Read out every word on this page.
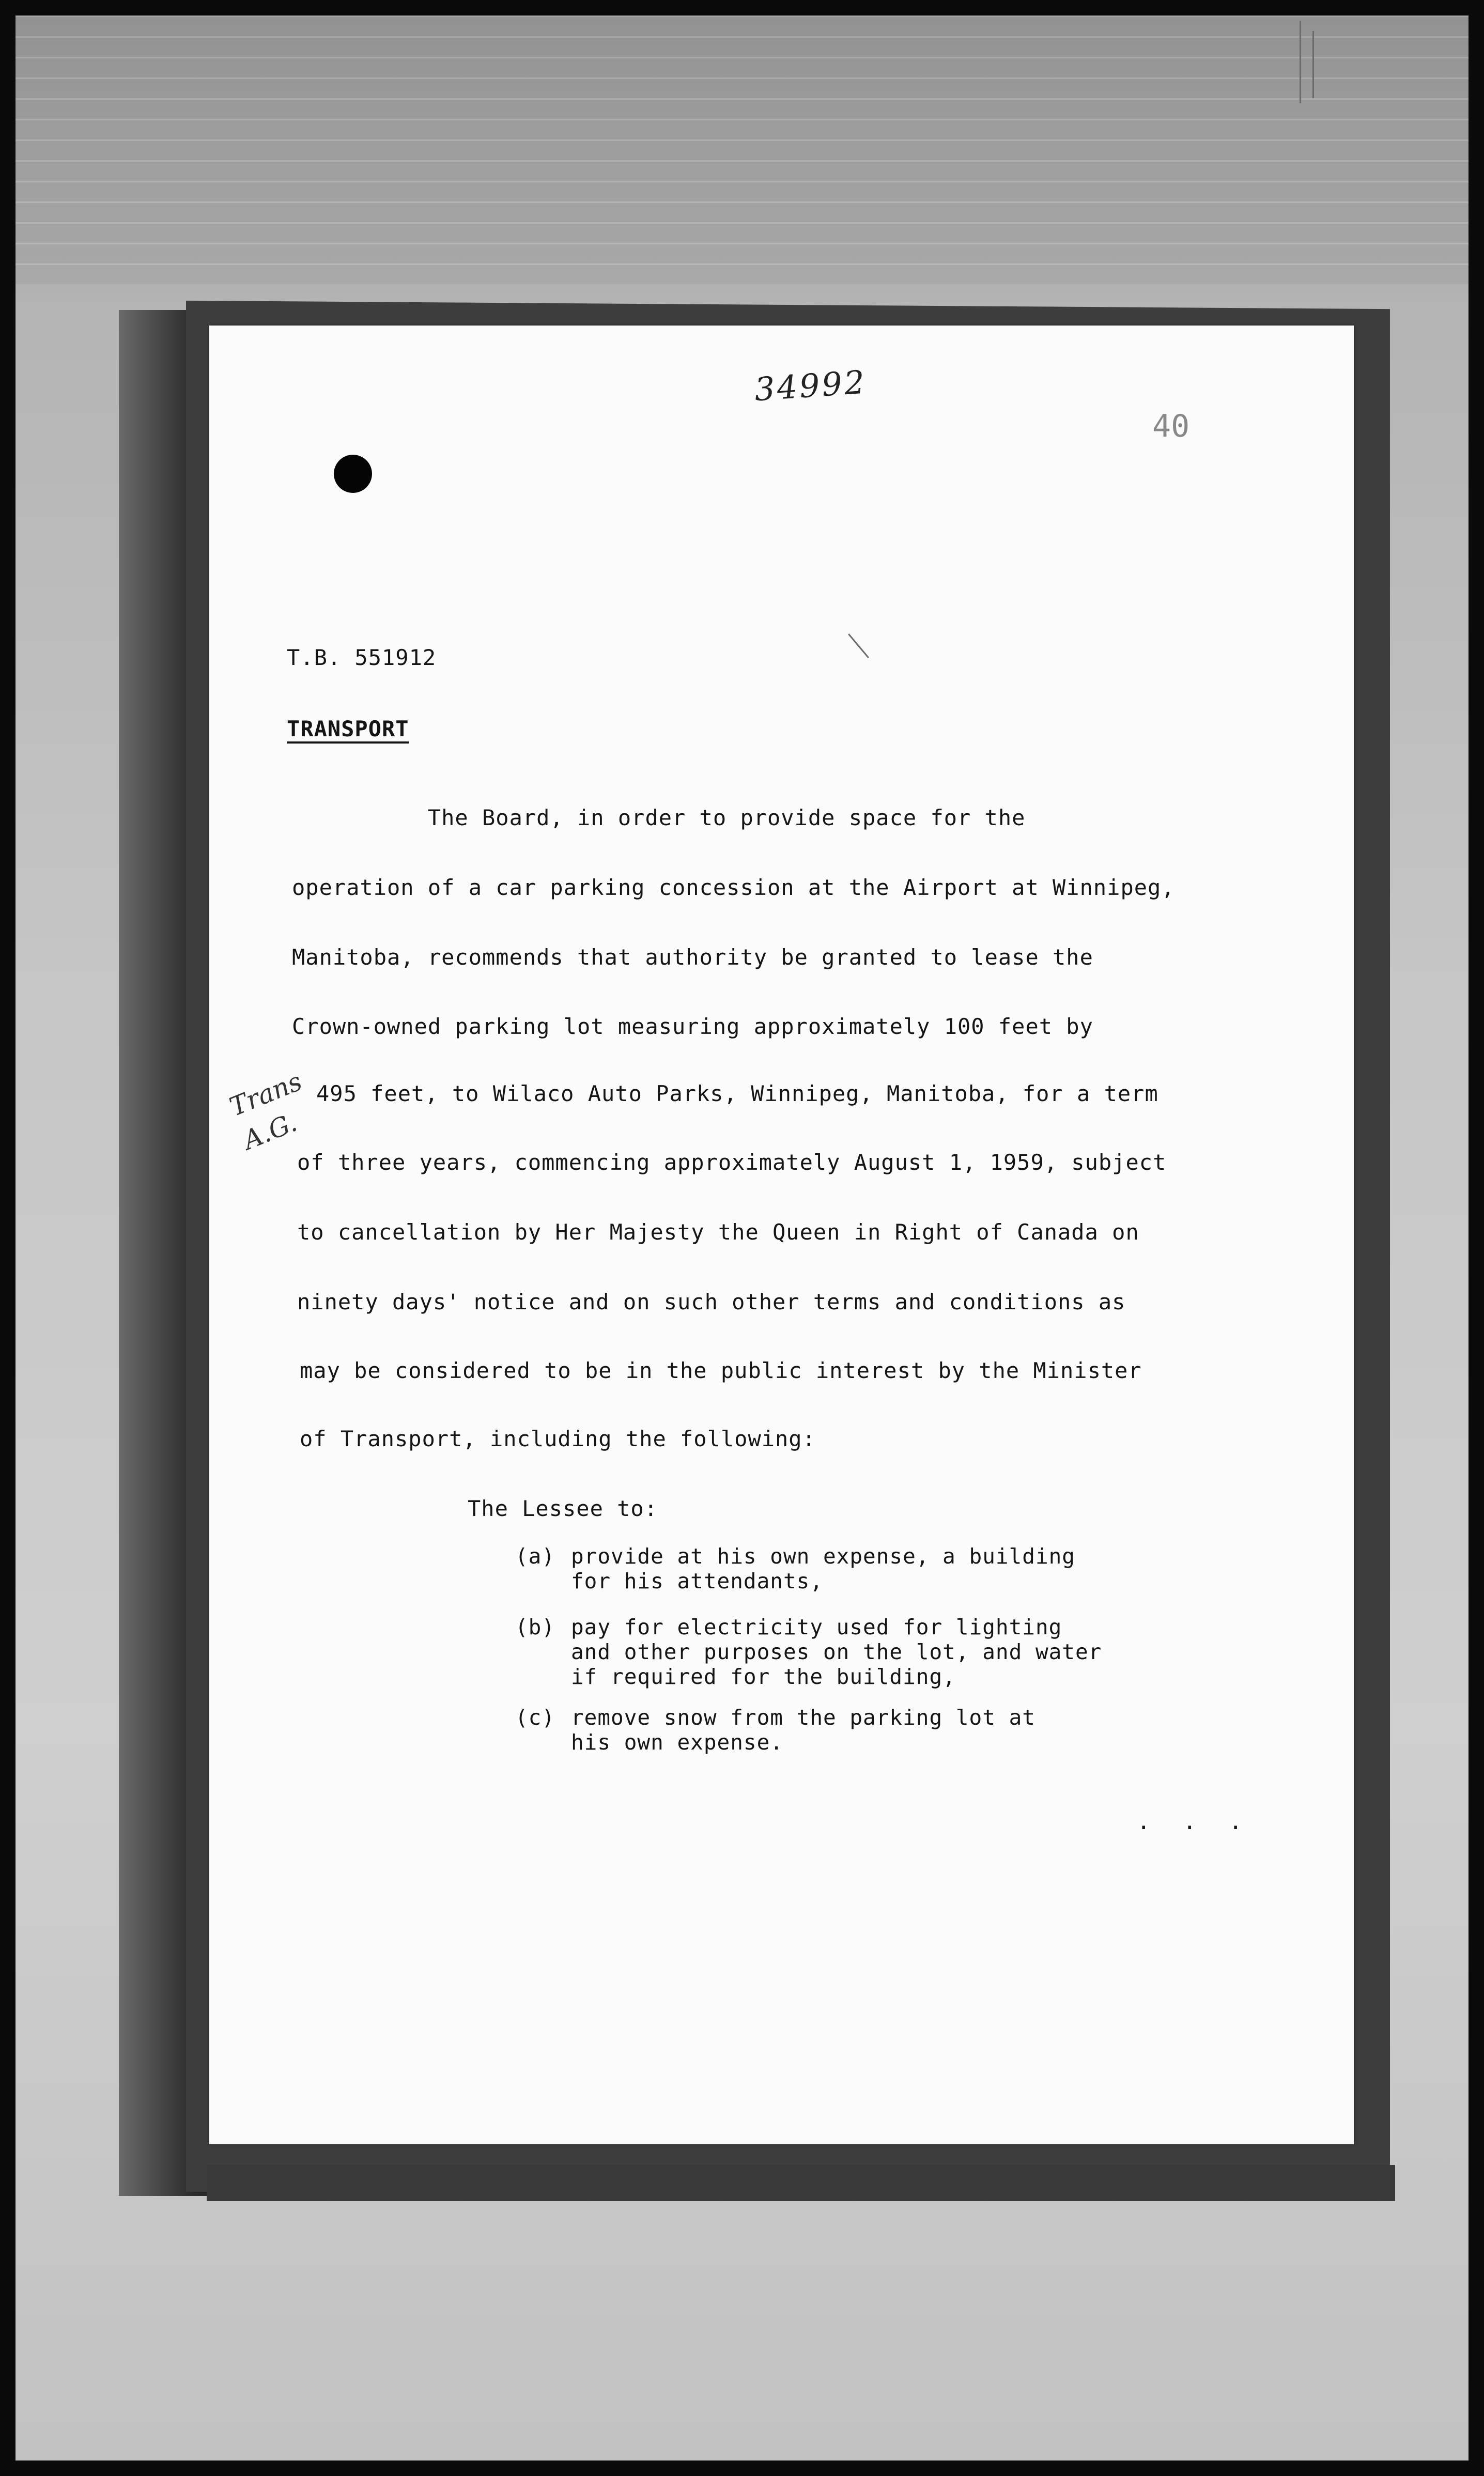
34992
40
Trans
A.G.
T.B. 551912
TRANSPORT
The Board, in order to provide space for the
operation of a car parking concession at the Airport at Winnipeg,
Manitoba, recommends that authority be granted to lease the
Crown-owned parking lot measuring approximately 100 feet by
495 feet, to Wilaco Auto Parks, Winnipeg, Manitoba, for a term
of three years, commencing approximately August 1, 1959, subject
to cancellation by Her Majesty the Queen in Right of Canada on
ninety days' notice and on such other terms and conditions as
may be considered to be in the public interest by the Minister
of Transport, including the following:
The Lessee to:
(a) provide at his own expense, a building
for his attendants,
(b) pay for electricity used for lighting
and other purposes on the lot, and water
if required for the building,
(c) remove snow from the parking lot at
his own expense.
. . .
